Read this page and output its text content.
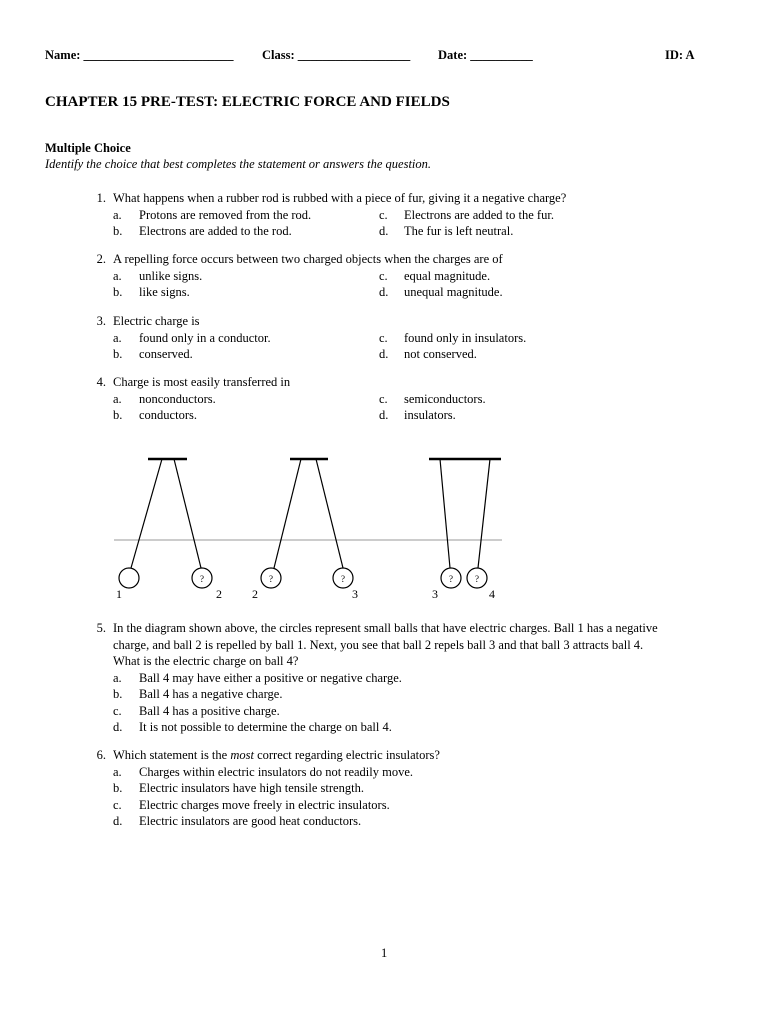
Name: ________________________ Class: __________________ Date: __________	ID: A
CHAPTER 15 PRE-TEST: ELECTRIC FORCE AND FIELDS
Multiple Choice
Identify the choice that best completes the statement or answers the question.
1. What happens when a rubber rod is rubbed with a piece of fur, giving it a negative charge?
a. Protons are removed from the rod.	c. Electrons are added to the fur.
b. Electrons are added to the rod.	d. The fur is left neutral.
2. A repelling force occurs between two charged objects when the charges are of
a. unlike signs.	c. equal magnitude.
b. like signs.	d. unequal magnitude.
3. Electric charge is
a. found only in a conductor.	c. found only in insulators.
b. conserved.	d. not conserved.
4. Charge is most easily transferred in
a. nonconductors.	c. semiconductors.
b. conductors.	d. insulators.
?
1	2
?	?
2	3
? ?
3	4
5. In the diagram shown above, the circles represent small balls that have electric charges. Ball 1 has a negative
charge, and ball 2 is repelled by ball 1. Next, you see that ball 2 repels ball 3 and that ball 3 attracts ball 4.
What is the electric charge on ball 4?
a. Ball 4 may have either a positive or negative charge.
b. Ball 4 has a negative charge.
c. Ball 4 has a positive charge.
d. It is not possible to determine the charge on ball 4.
6. Which statement is the most correct regarding electric insulators?
a. Charges within electric insulators do not readily move.
b. Electric insulators have high tensile strength.
c. Electric charges move freely in electric insulators.
d. Electric insulators are good heat conductors.
1
